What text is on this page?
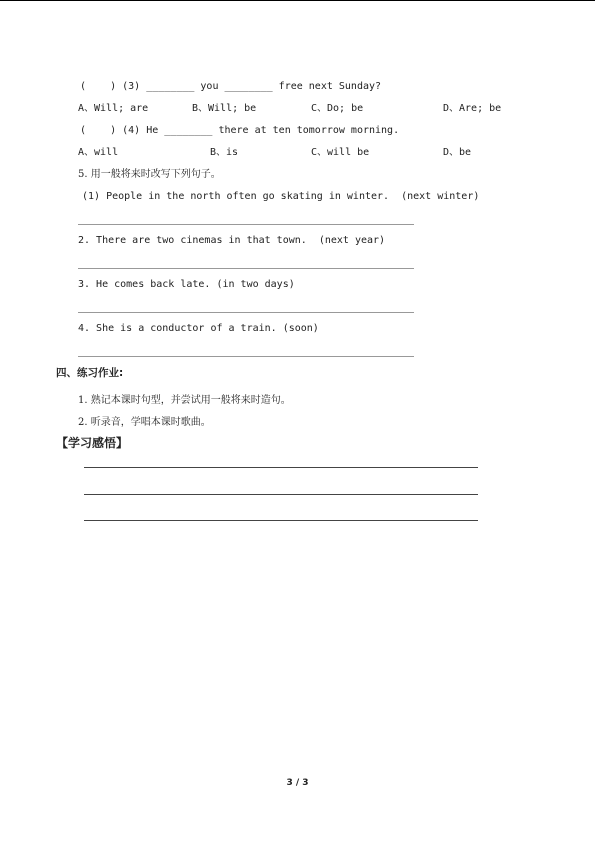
(    ) (3) ________ you ________ free next Sunday?
A、Will; are	B、Will; be	C、Do; be	D、Are; be
(    ) (4) He ________ there at ten tomorrow morning.
A、will	B、is	C、will be	D、be
5. 用一般将来时改写下列句子。
(1) People in the north often go skating in winter.  (next winter)
2. There are two cinemas in that town.  (next year)
3. He comes back late. (in two days)
4. She is a conductor of a train. (soon)
四、练习作业:
1. 熟记本课时句型，并尝试用一般将来时造句。
2. 听录音，学唱本课时歌曲。
【学习感悟】
3 / 3
